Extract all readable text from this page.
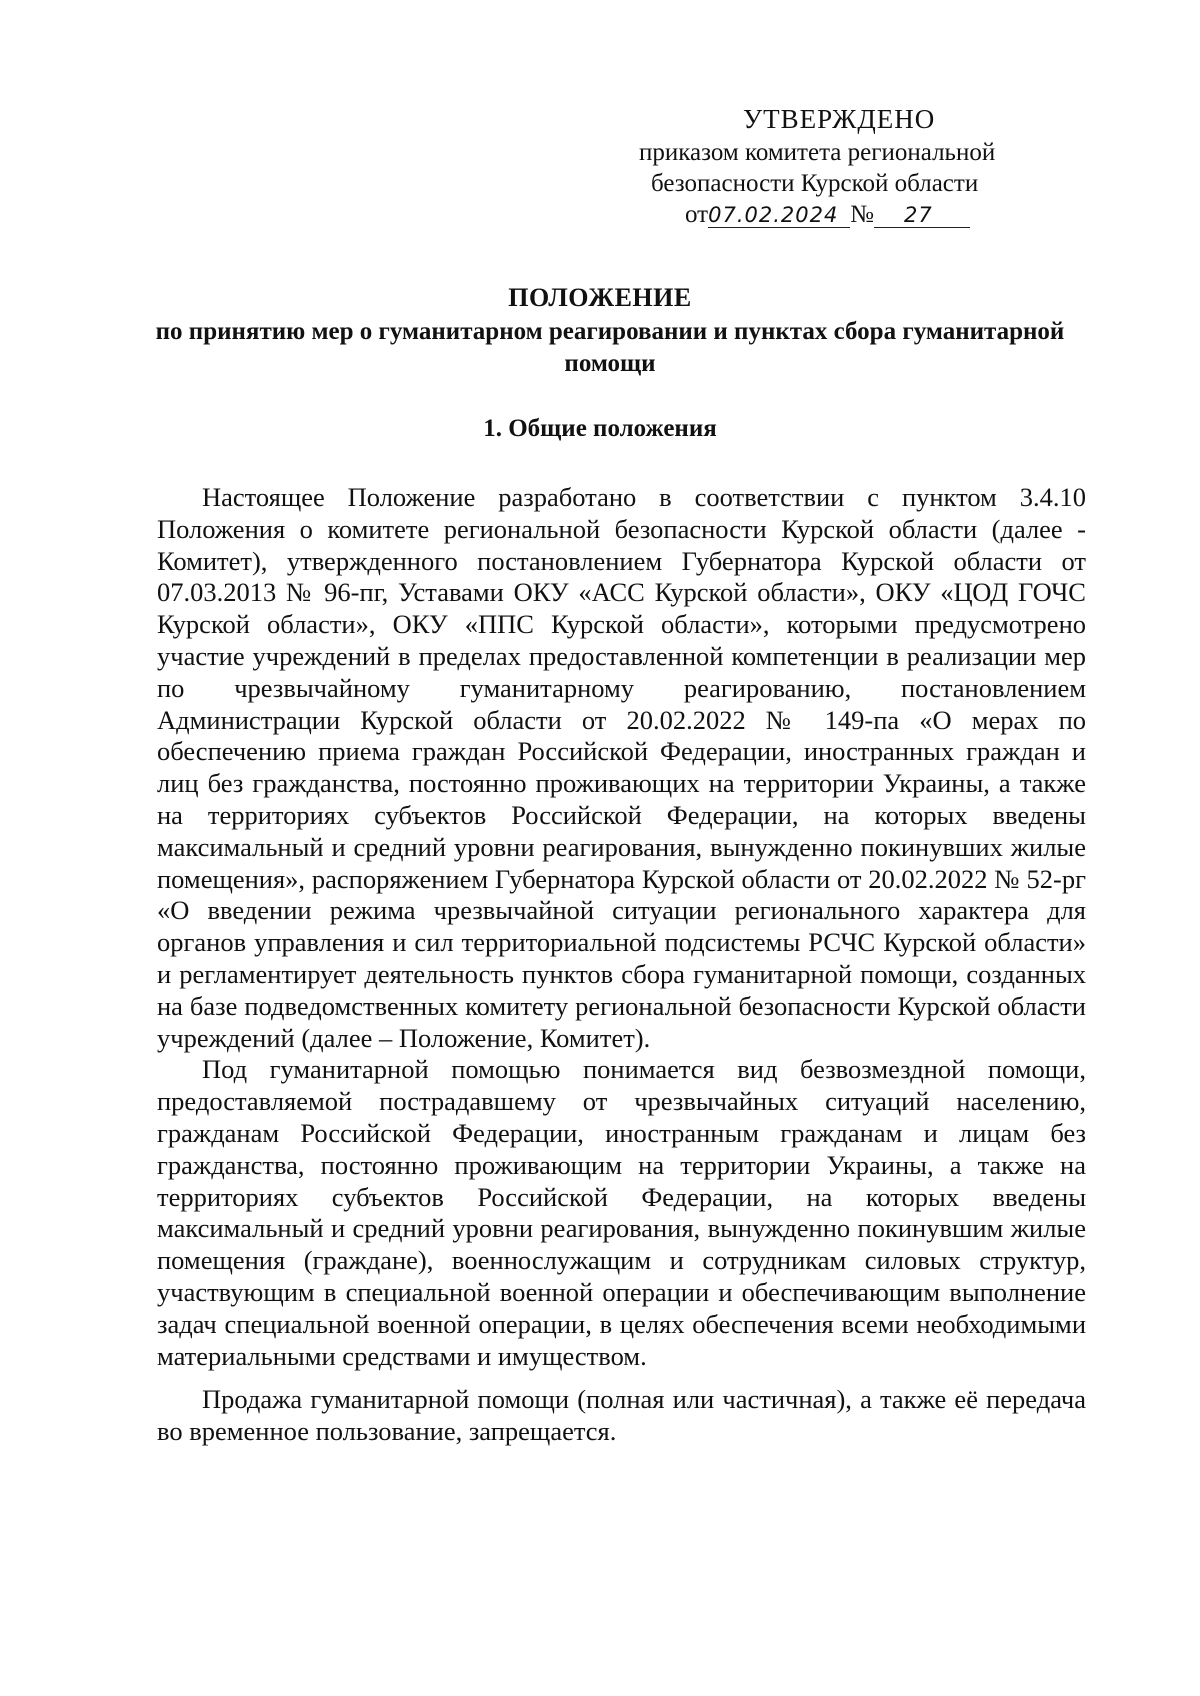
УТВЕРЖДЕНО
приказом комитета региональной
безопасности Курской области
от07.02.2024 № 27
ПОЛОЖЕНИЕ
по принятию мер о гуманитарном реагировании и пунктах сбора гуманитарной помощи
1. Общие положения

Настоящее Положение разработано в соответствии с пунктом 3.4.10 Положения о комитете региональной безопасности Курской области (далее - Комитет), утвержденного постановлением Губернатора Курской области от 07.03.2013 № 96-пг, Уставами ОКУ «АСС Курской области», ОКУ «ЦОД ГОЧС Курской области», ОКУ «ППС Курской области», которыми предусмотрено участие учреждений в пределах предоставленной компетенции в реализации мер по чрезвычайному гуманитарному реагированию, постановлением Администрации Курской области от 20.02.2022 № 149-па «О мерах по обеспечению приема граждан Российской Федерации, иностранных граждан и лиц без гражданства, постоянно проживающих на территории Украины, а также на территориях субъектов Российской Федерации, на которых введены максимальный и средний уровни реагирования, вынужденно покинувших жилые помещения», распоряжением Губернатора Курской области от 20.02.2022 № 52-рг «О введении режима чрезвычайной ситуации регионального характера для органов управления и сил территориальной подсистемы РСЧС Курской области» и регламентирует деятельность пунктов сбора гуманитарной помощи, созданных на базе подведомственных комитету региональной безопасности Курской области учреждений (далее – Положение, Комитет).

Под гуманитарной помощью понимается вид безвозмездной помощи, предоставляемой пострадавшему от чрезвычайных ситуаций населению, гражданам Российской Федерации, иностранным гражданам и лицам без гражданства, постоянно проживающим на территории Украины, а также на территориях субъектов Российской Федерации, на которых введены максимальный и средний уровни реагирования, вынужденно покинувшим жилые помещения (граждане), военнослужащим и сотрудникам силовых структур, участвующим в специальной военной операции и обеспечивающим выполнение задач специальной военной операции, в целях обеспечения всеми необходимыми материальными средствами и имуществом.

Продажа гуманитарной помощи (полная или частичная), а также её передача во временное пользование, запрещается.
